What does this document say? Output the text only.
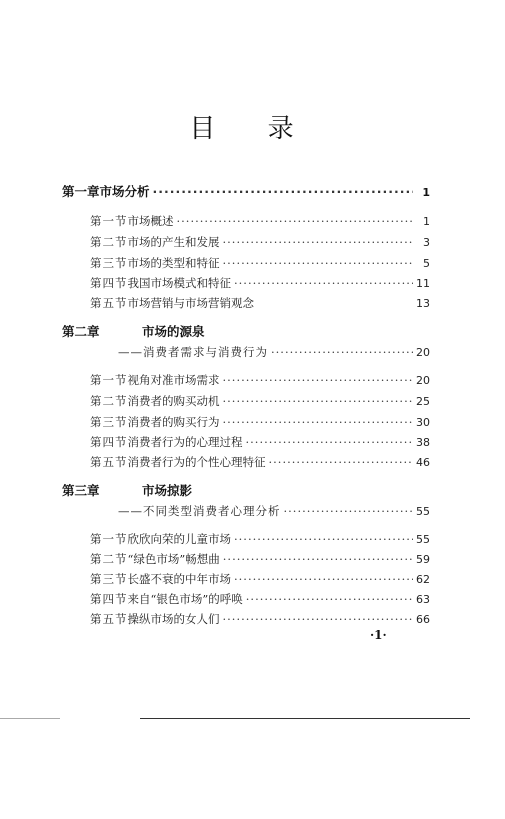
目 录
第一章 市场分析 ·····	1
第一节 市场概述 ·····	1
第二节 市场的产生和发展 ·····	3
第三节 市场的类型和特征 ·····	5
第四节 我国市场模式和特征 ·····	11
第五节 市场营销与市场营销观念	13
第二章	市场的源泉
——消费者需求与消费行为 ·····	20
第一节 视角对准市场需求 ·····	20
第二节 消费者的购买动机 ·····	25
第三节 消费者的购买行为 ·····	30
第四节 消费者行为的心理过程 ·····	38
第五节 消费者行为的个性心理特征 ·····	46
第三章	市场掠影
——不同类型消费者心理分析 ·····	55
第一节 欣欣向荣的儿童市场 ·····	55
第二节 “绿色市场”畅想曲 ·····	59
第三节 长盛不衰的中年市场 ·····	62
第四节 来自“银色市场”的呼唤 ·····	63
第五节 操纵市场的女人们 ·····	66
·1·
